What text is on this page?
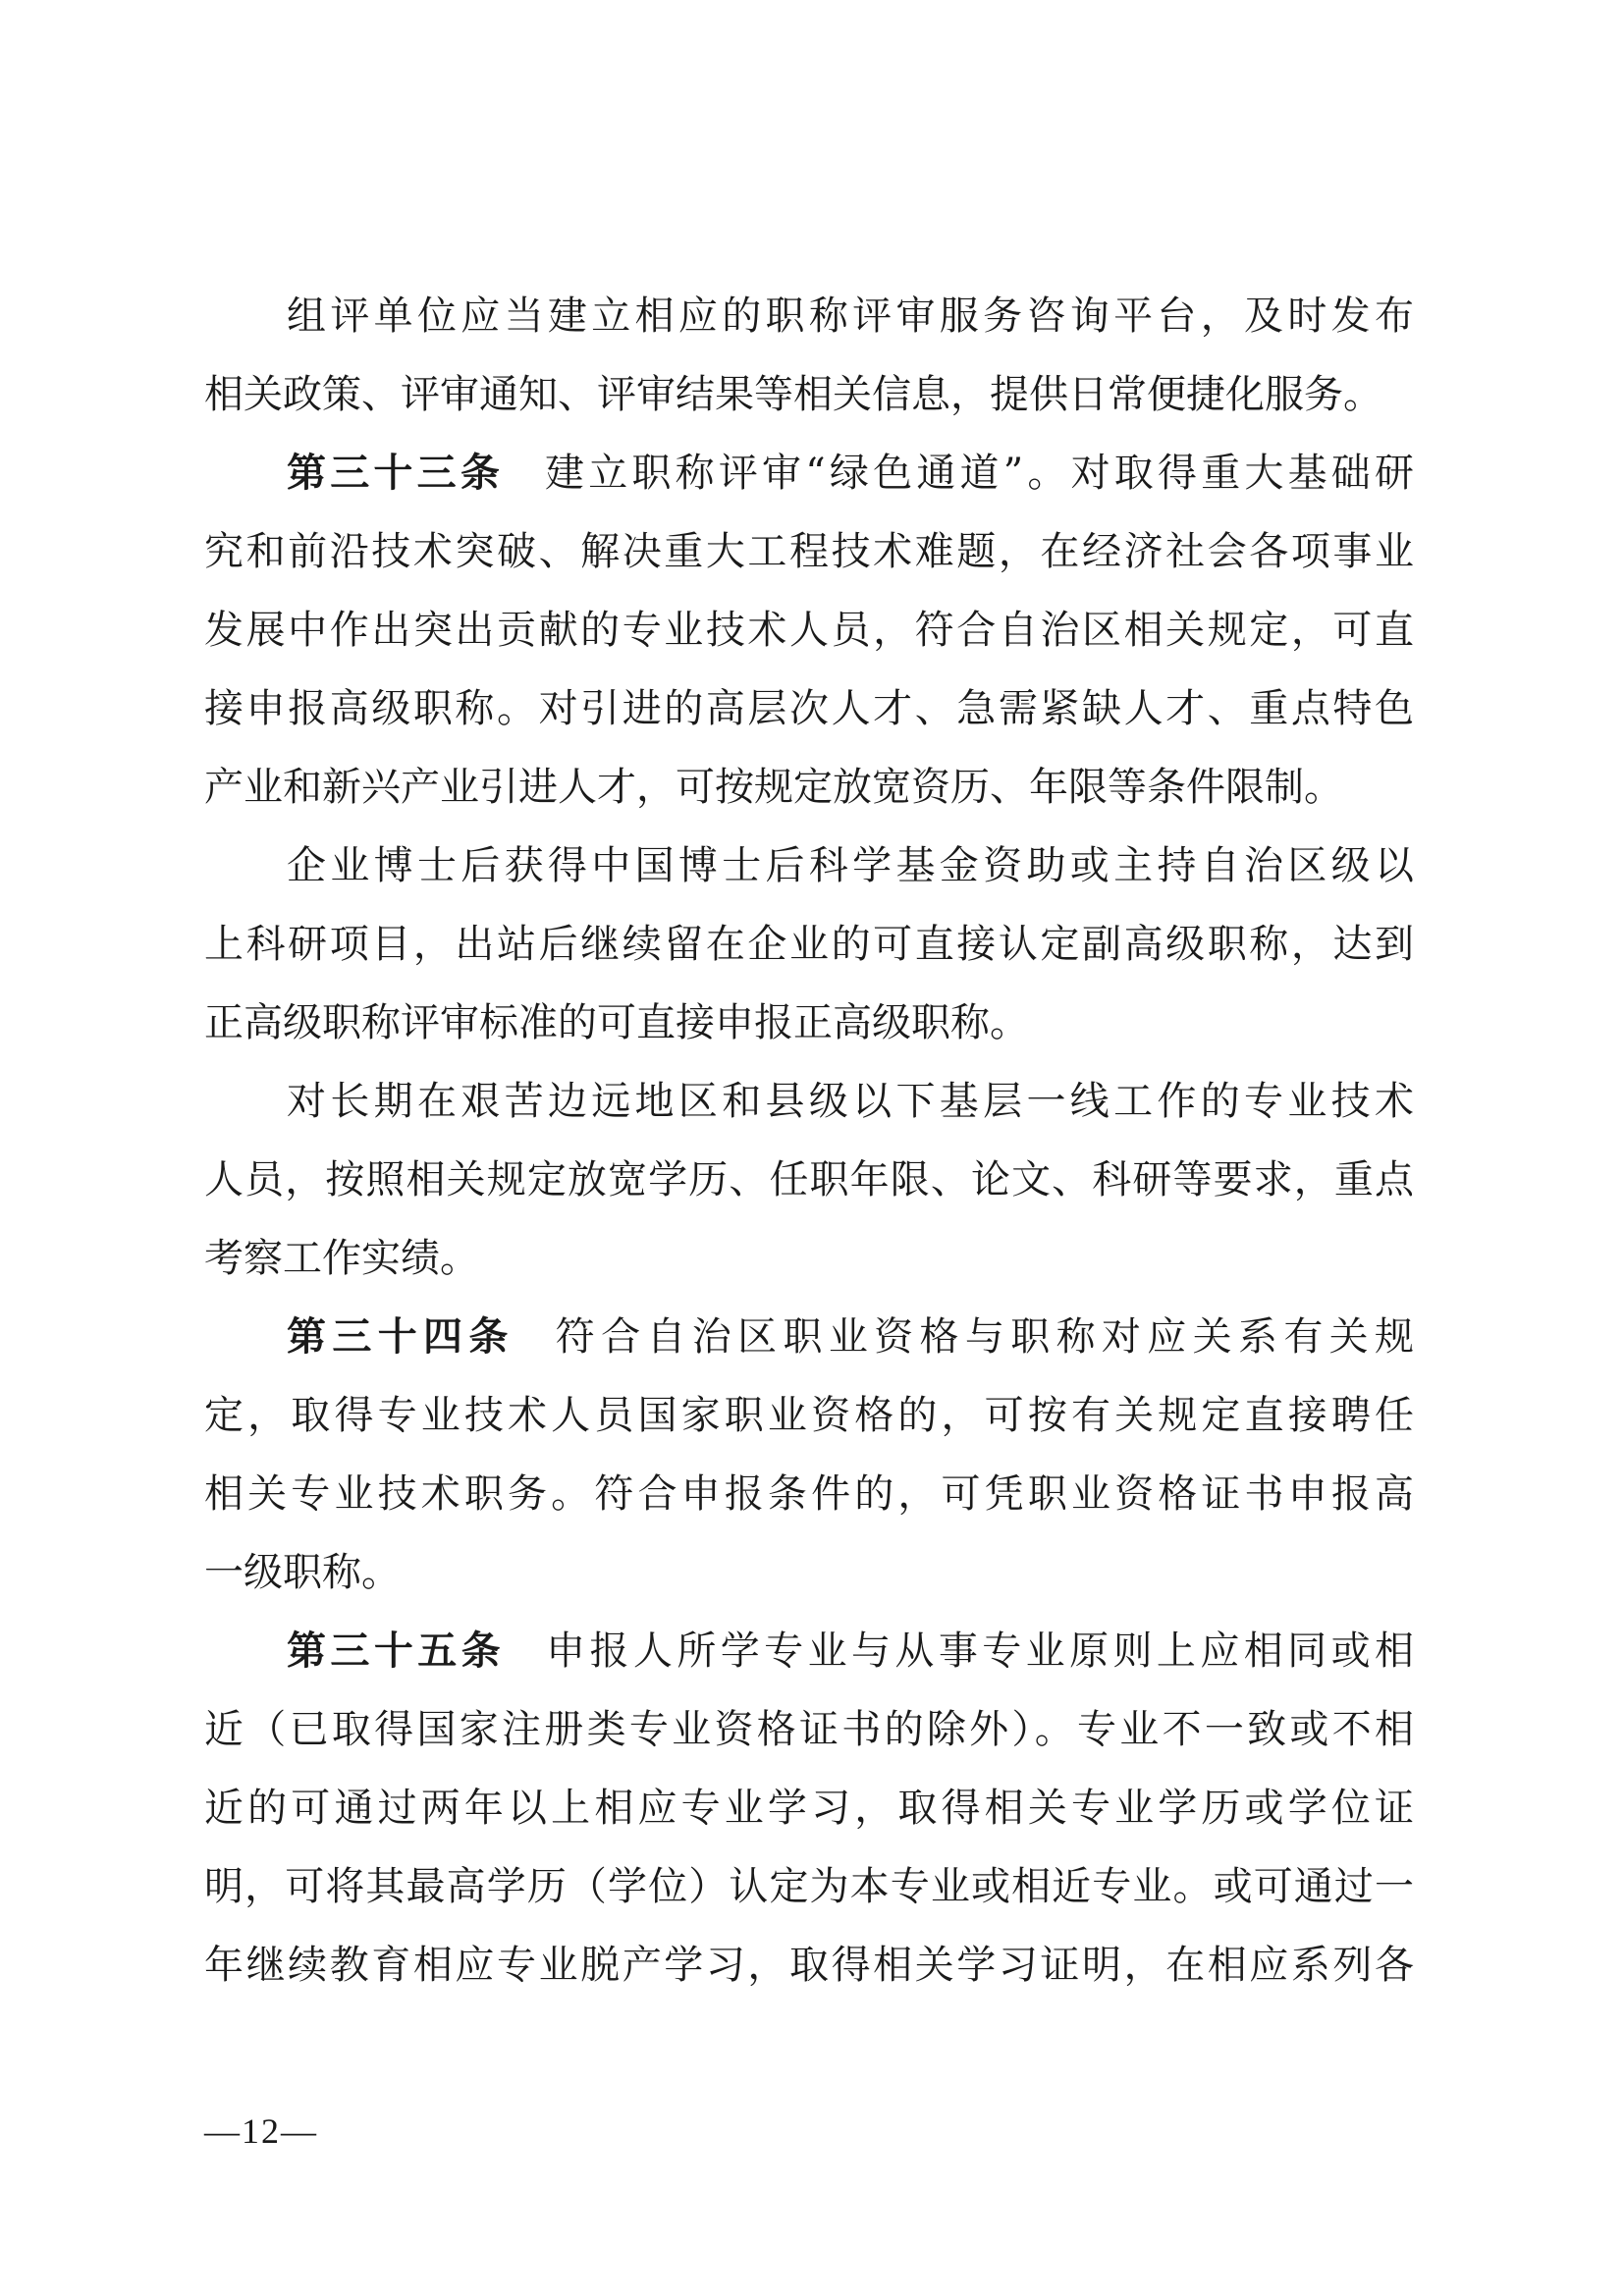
组评单位应当建立相应的职称评审服务咨询平台，及时发布
相关政策、评审通知、评审结果等相关信息，提供日常便捷化服务。
第三十三条 建立职称评审“绿色通道”。对取得重大基础研
究和前沿技术突破、解决重大工程技术难题，在经济社会各项事业
发展中作出突出贡献的专业技术人员，符合自治区相关规定，可直
接申报高级职称。对引进的高层次人才、急需紧缺人才、重点特色
产业和新兴产业引进人才，可按规定放宽资历、年限等条件限制。
企业博士后获得中国博士后科学基金资助或主持自治区级以
上科研项目，出站后继续留在企业的可直接认定副高级职称，达到
正高级职称评审标准的可直接申报正高级职称。
对长期在艰苦边远地区和县级以下基层一线工作的专业技术
人员，按照相关规定放宽学历、任职年限、论文、科研等要求，重点
考察工作实绩。
第三十四条 符合自治区职业资格与职称对应关系有关规
定，取得专业技术人员国家职业资格的，可按有关规定直接聘任
相关专业技术职务。符合申报条件的，可凭职业资格证书申报高
一级职称。
第三十五条 申报人所学专业与从事专业原则上应相同或相
近（已取得国家注册类专业资格证书的除外）。专业不一致或不相
近的可通过两年以上相应专业学习，取得相关专业学历或学位证
明，可将其最高学历（学位）认定为本专业或相近专业。或可通过一
年继续教育相应专业脱产学习，取得相关学习证明，在相应系列各
—12—
